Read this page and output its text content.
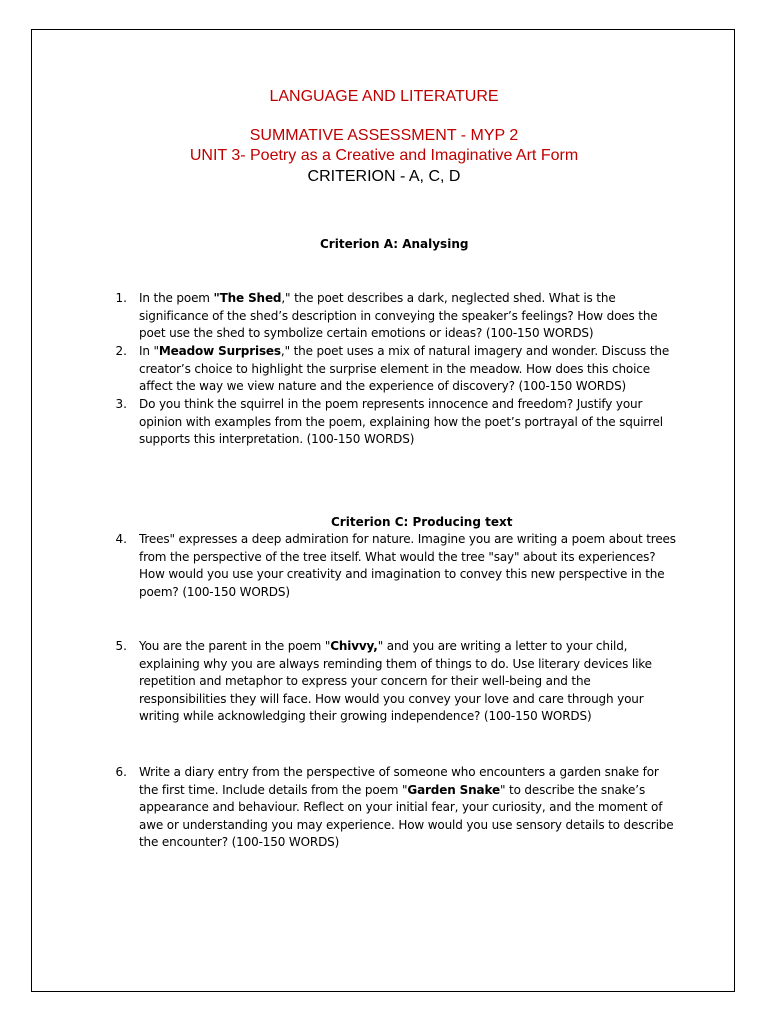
LANGUAGE AND LITERATURE
SUMMATIVE ASSESSMENT - MYP 2
UNIT 3- Poetry as a Creative and Imaginative Art Form
CRITERION - A, C, D
Criterion A: Analysing
1. In the poem "The Shed," the poet describes a dark, neglected shed. What is the significance of the shed’s description in conveying the speaker’s feelings? How does the poet use the shed to symbolize certain emotions or ideas? (100-150 WORDS)
2. In "Meadow Surprises," the poet uses a mix of natural imagery and wonder. Discuss the creator’s choice to highlight the surprise element in the meadow. How does this choice affect the way we view nature and the experience of discovery? (100-150 WORDS)
3. Do you think the squirrel in the poem represents innocence and freedom? Justify your opinion with examples from the poem, explaining how the poet’s portrayal of the squirrel supports this interpretation. (100-150 WORDS)
Criterion C: Producing text
4. Trees" expresses a deep admiration for nature. Imagine you are writing a poem about trees from the perspective of the tree itself. What would the tree "say" about its experiences? How would you use your creativity and imagination to convey this new perspective in the poem? (100-150 WORDS)
5. You are the parent in the poem "Chivvy," and you are writing a letter to your child, explaining why you are always reminding them of things to do. Use literary devices like repetition and metaphor to express your concern for their well-being and the responsibilities they will face. How would you convey your love and care through your writing while acknowledging their growing independence? (100-150 WORDS)
6. Write a diary entry from the perspective of someone who encounters a garden snake for the first time. Include details from the poem "Garden Snake" to describe the snake’s appearance and behaviour. Reflect on your initial fear, your curiosity, and the moment of awe or understanding you may experience. How would you use sensory details to describe the encounter? (100-150 WORDS)
